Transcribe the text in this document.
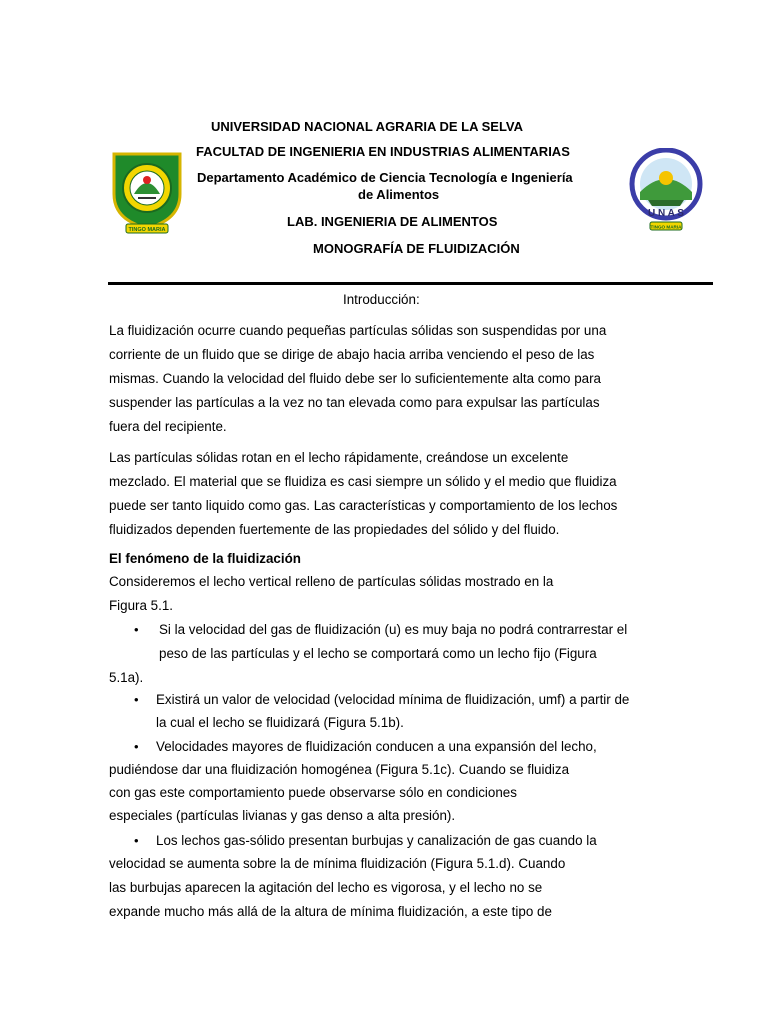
TINGO MARIA
U N A S
TINGO MARIA
UNIVERSIDAD NACIONAL AGRARIA DE LA SELVA
FACULTAD DE INGENIERIA EN INDUSTRIAS ALIMENTARIAS
Departamento Académico de Ciencia Tecnología e Ingeniería
de Alimentos
LAB. INGENIERIA DE ALIMENTOS
MONOGRAFÍA DE FLUIDIZACIÓN
Introducción:
La fluidización ocurre cuando pequeñas partículas sólidas son suspendidas por una
corriente de un fluido que se dirige de abajo hacia arriba venciendo el peso de las
mismas. Cuando la velocidad del fluido debe ser lo suficientemente alta como para
suspender las partículas a la vez no tan elevada como para expulsar las partículas
fuera del recipiente.
Las partículas sólidas rotan en el lecho rápidamente, creándose un excelente
mezclado. El material que se fluidiza es casi siempre un sólido y el medio que fluidiza
puede ser tanto liquido como gas. Las características y comportamiento de los lechos
fluidizados dependen fuertemente de las propiedades del sólido y del fluido.
El fenómeno de la fluidización
Consideremos el lecho vertical relleno de partículas sólidas mostrado en la
Figura 5.1.
• Si la velocidad del gas de fluidización (u) es muy baja no podrá contrarrestar el
peso de las partículas y el lecho se comportará como un lecho fijo (Figura
5.1a).
• Existirá un valor de velocidad (velocidad mínima de fluidización, umf) a partir de
la cual el lecho se fluidizará (Figura 5.1b).
• Velocidades mayores de fluidización conducen a una expansión del lecho,
pudiéndose dar una fluidización homogénea (Figura 5.1c). Cuando se fluidiza
con gas este comportamiento puede observarse sólo en condiciones
especiales (partículas livianas y gas denso a alta presión).
• Los lechos gas-sólido presentan burbujas y canalización de gas cuando la
velocidad se aumenta sobre la de mínima fluidización (Figura 5.1.d). Cuando
las burbujas aparecen la agitación del lecho es vigorosa, y el lecho no se
expande mucho más allá de la altura de mínima fluidización, a este tipo de
